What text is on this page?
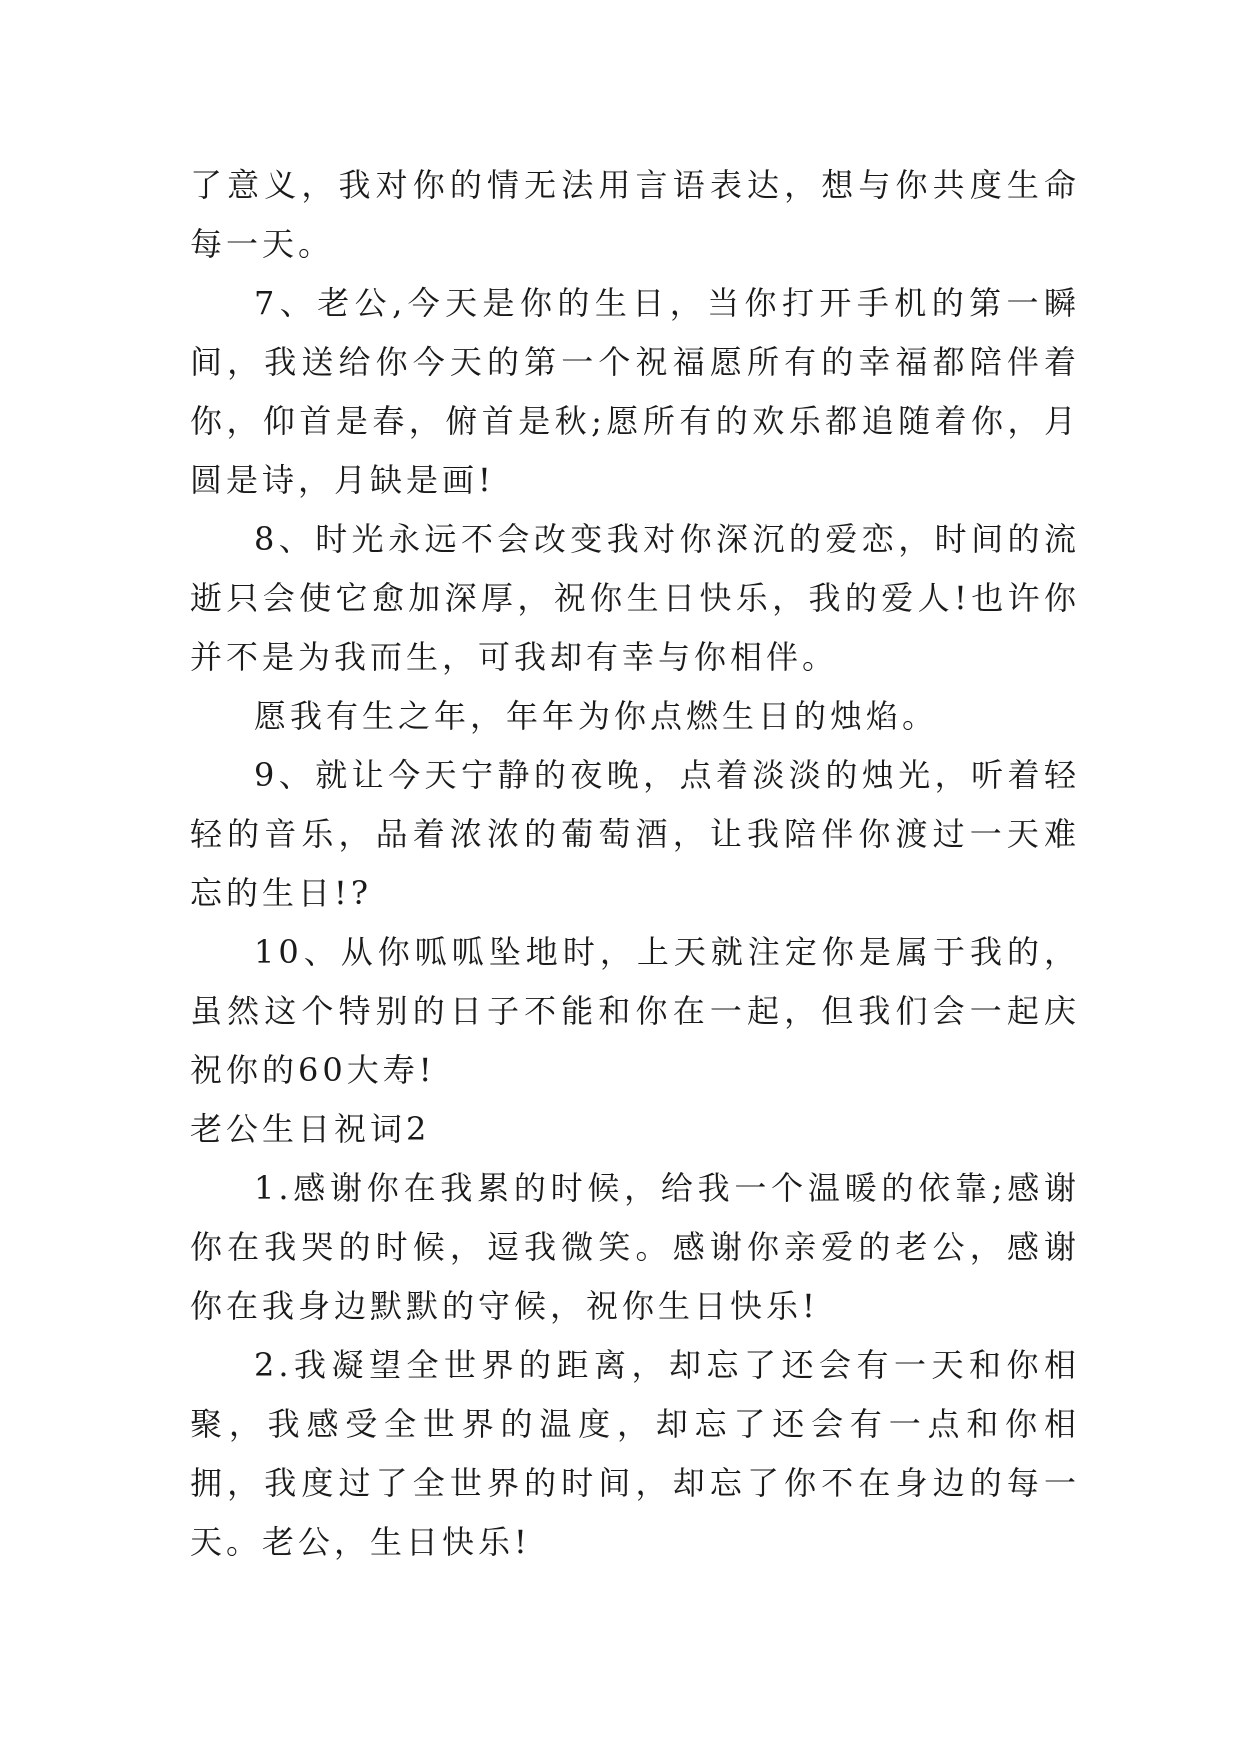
了意义，我对你的情无法用言语表达，想与你共度生命每一天。

7、老公,今天是你的生日，当你打开手机的第一瞬间，我送给你今天的第一个祝福愿所有的幸福都陪伴着你，仰首是春，俯首是秋;愿所有的欢乐都追随着你，月圆是诗，月缺是画!

8、时光永远不会改变我对你深沉的爱恋，时间的流逝只会使它愈加深厚，祝你生日快乐，我的爱人!也许你并不是为我而生，可我却有幸与你相伴。

愿我有生之年，年年为你点燃生日的烛焰。

9、就让今天宁静的夜晚，点着淡淡的烛光，听着轻轻的音乐，品着浓浓的葡萄酒，让我陪伴你渡过一天难忘的生日!?

10、从你呱呱坠地时，上天就注定你是属于我的，虽然这个特别的日子不能和你在一起，但我们会一起庆祝你的60大寿!

老公生日祝词2

1.感谢你在我累的时候，给我一个温暖的依靠;感谢你在我哭的时候，逗我微笑。感谢你亲爱的老公，感谢你在我身边默默的守候，祝你生日快乐!

2.我凝望全世界的距离，却忘了还会有一天和你相聚，我感受全世界的温度，却忘了还会有一点和你相拥，我度过了全世界的时间，却忘了你不在身边的每一天。老公，生日快乐!
